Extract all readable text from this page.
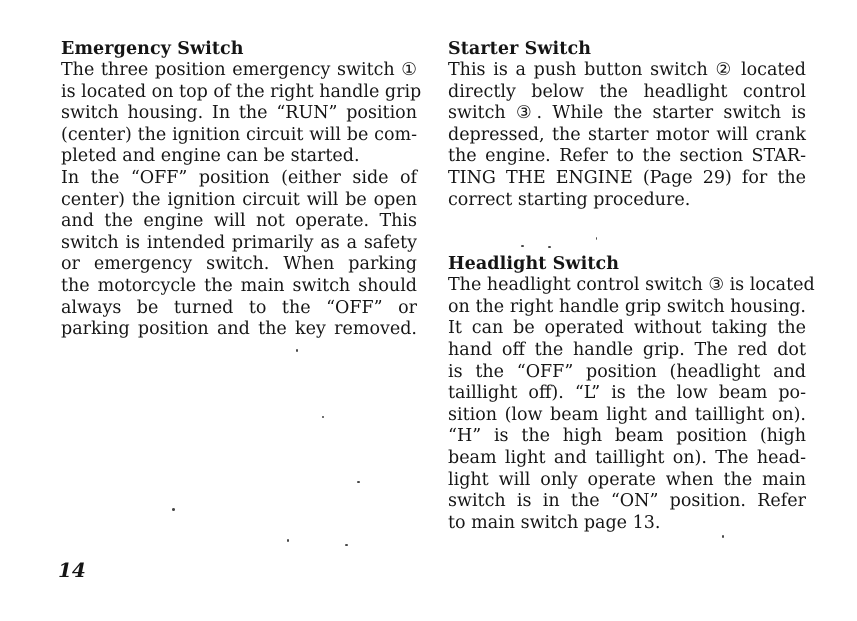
Emergency Switch

The three position emergency switch ①
is located on top of the right handle grip
switch housing. In the “RUN” position
(center) the ignition circuit will be com-
pleted and engine can be started.
In the “OFF” position (either side of
center) the ignition circuit will be open
and the engine will not operate. This
switch is intended primarily as a safety
or emergency switch. When parking
the motorcycle the main switch should
always be turned to the “OFF” or
parking position and the key removed.

Starter Switch

This is a push button switch ② located
directly below the headlight control
switch ③. While the starter switch is
depressed, the starter motor will crank
the engine. Refer to the section STAR-
TING THE ENGINE (Page 29) for the
correct starting procedure.

Headlight Switch

The headlight control switch ③ is located
on the right handle grip switch housing.
It can be operated without taking the
hand off the handle grip. The red dot
is the “OFF” position (headlight and
taillight off). “L” is the low beam po-
sition (low beam light and taillight on).
“H” is the high beam position (high
beam light and taillight on). The head-
light will only operate when the main
switch is in the “ON” position. Refer
to main switch page 13.

14
